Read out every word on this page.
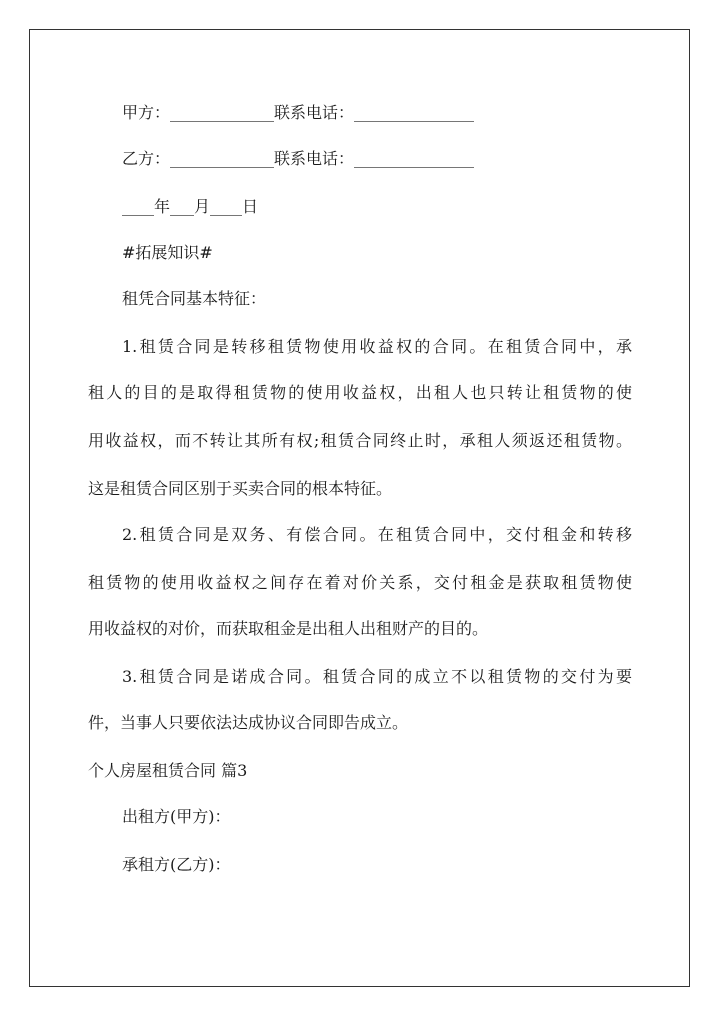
甲方：_____________联系电话：_______________
乙方：_____________联系电话：_______________
____年___月____日
#拓展知识#
租凭合同基本特征：
1.租赁合同是转移租赁物使用收益权的合同。在租赁合同中，承
租人的目的是取得租赁物的使用收益权，出租人也只转让租赁物的使
用收益权，而不转让其所有权;租赁合同终止时，承租人须返还租赁物。
这是租赁合同区别于买卖合同的根本特征。
2.租赁合同是双务、有偿合同。在租赁合同中，交付租金和转移
租赁物的使用收益权之间存在着对价关系，交付租金是获取租赁物使
用收益权的对价，而获取租金是出租人出租财产的目的。
3.租赁合同是诺成合同。租赁合同的成立不以租赁物的交付为要
件，当事人只要依法达成协议合同即告成立。
个人房屋租赁合同 篇3
出租方(甲方)：
承租方(乙方)：
